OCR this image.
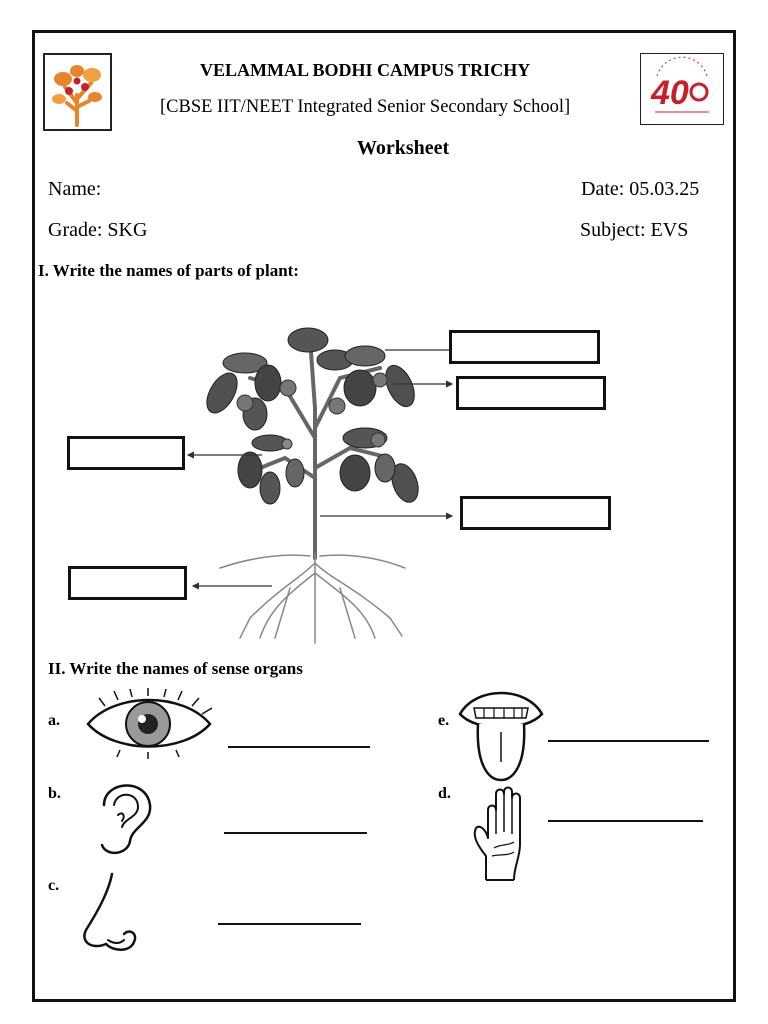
40
VELAMMAL BODHI CAMPUS TRICHY
[CBSE IIT/NEET Integrated Senior Secondary School]
Worksheet
Name:	Date: 05.03.25
Grade: SKG	Subject: EVS
I. Write the names of parts of plant:
II. Write the names of sense organs
a.
b.
c.
e.
d.
